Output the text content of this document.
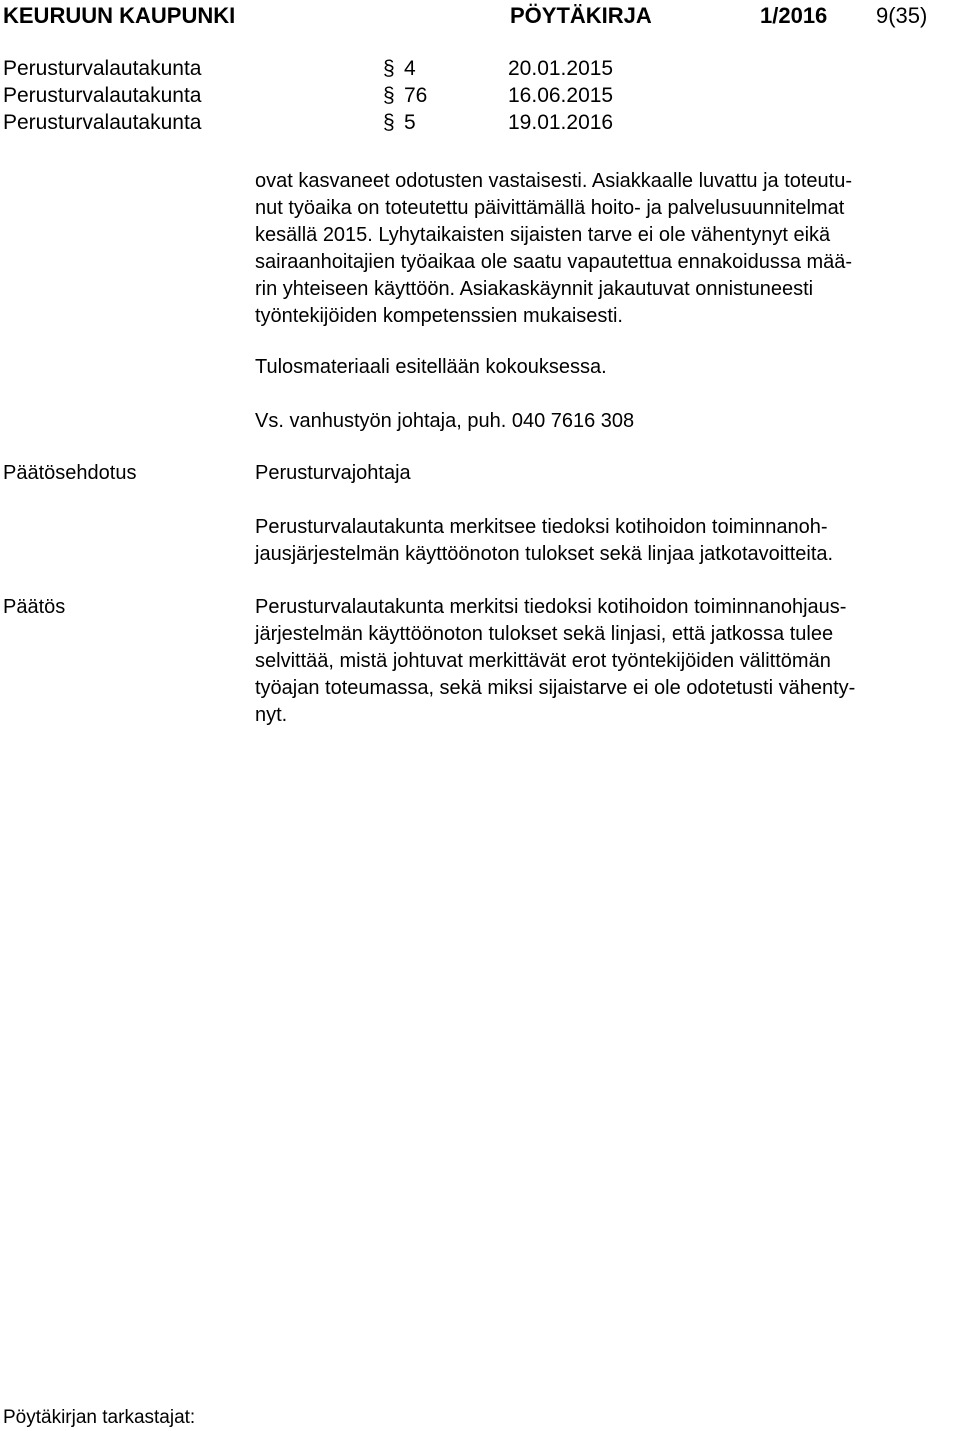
KEURUUN KAUPUNKI	PÖYTÄKIRJA	1/2016 9(35)
Perusturvalautakunta	§ 4	20.01.2015
Perusturvalautakunta	§ 76	16.06.2015
Perusturvalautakunta	§ 5	19.01.2016
ovat kasvaneet odotusten vastaisesti. Asiakkaalle luvattu ja toteutu-
nut työaika on toteutettu päivittämällä hoito- ja palvelusuunnitelmat
kesällä 2015. Lyhytaikaisten sijaisten tarve ei ole vähentynyt eikä
sairaanhoitajien työaikaa ole saatu vapautettua ennakoidussa mää-
rin yhteiseen käyttöön. Asiakaskäynnit jakautuvat onnistuneesti
työntekijöiden kompetenssien mukaisesti.
Tulosmateriaali esitellään kokouksessa.
Vs. vanhustyön johtaja, puh. 040 7616 308
Päätösehdotus	Perusturvajohtaja
Perusturvalautakunta merkitsee tiedoksi kotihoidon toiminnanoh-
jausjärjestelmän käyttöönoton tulokset sekä linjaa jatkotavoitteita.
Päätös	Perusturvalautakunta merkitsi tiedoksi kotihoidon toiminnanohjaus-
järjestelmän käyttöönoton tulokset sekä linjasi, että jatkossa tulee
selvittää, mistä johtuvat merkittävät erot työntekijöiden välittömän
työajan toteumassa, sekä miksi sijaistarve ei ole odotetusti vähenty-
nyt.
Pöytäkirjan tarkastajat:
